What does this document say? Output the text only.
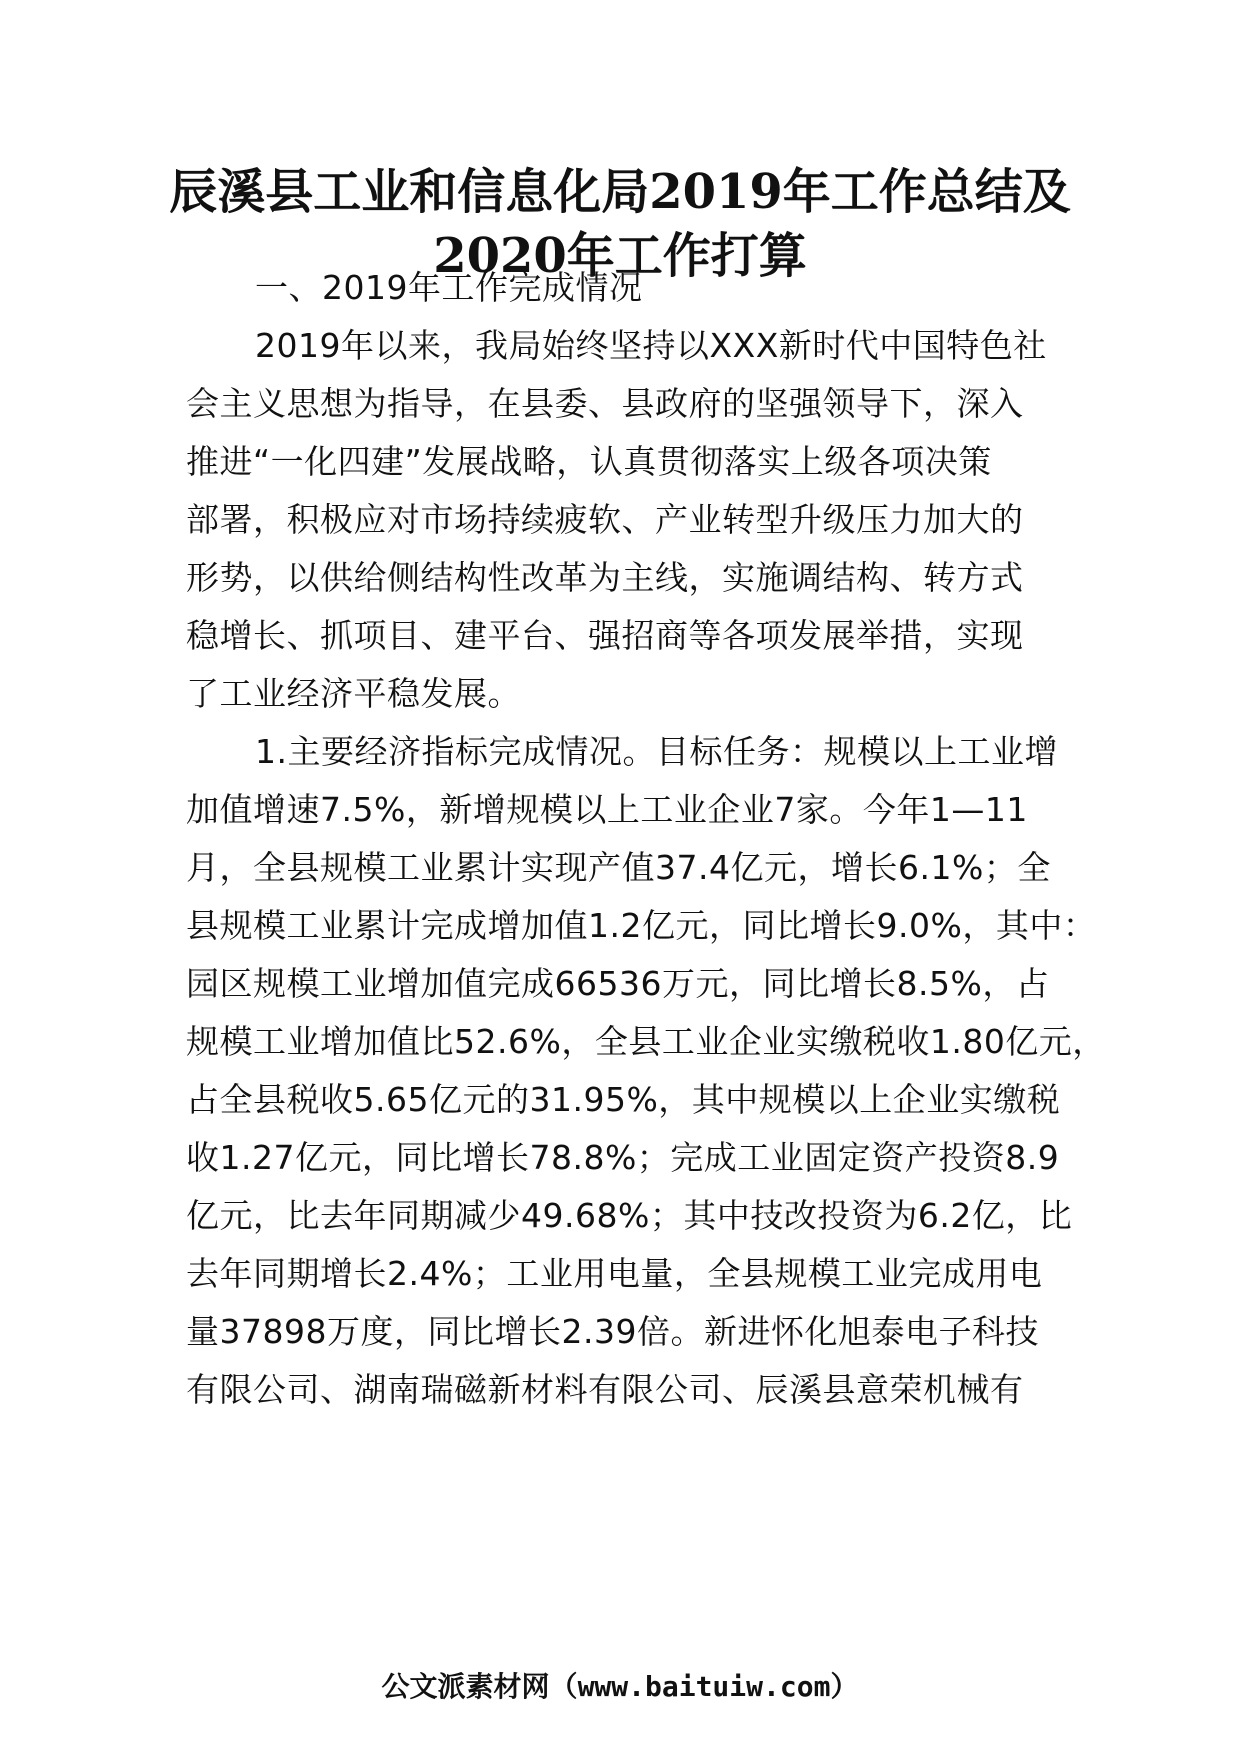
辰溪县工业和信息化局2019年工作总结及
2020年工作打算
一、2019年工作完成情况
2019年以来，我局始终坚持以XXX新时代中国特色社
会主义思想为指导，在县委、县政府的坚强领导下，深入
推进“一化四建”发展战略，认真贯彻落实上级各项决策
部署，积极应对市场持续疲软、产业转型升级压力加大的
形势，以供给侧结构性改革为主线，实施调结构、转方式
稳增长、抓项目、建平台、强招商等各项发展举措，实现
了工业经济平稳发展。
1.主要经济指标完成情况。目标任务：规模以上工业增
加值增速7.5%，新增规模以上工业企业7家。今年1—11
月，全县规模工业累计实现产值37.4亿元，增长6.1%；全
县规模工业累计完成增加值1.2亿元，同比增长9.0%，其中：
园区规模工业增加值完成66536万元，同比增长8.5%，占
规模工业增加值比52.6%，全县工业企业实缴税收1.80亿元，
占全县税收5.65亿元的31.95%，其中规模以上企业实缴税
收1.27亿元，同比增长78.8%；完成工业固定资产投资8.9
亿元，比去年同期减少49.68%；其中技改投资为6.2亿，比
去年同期增长2.4%；工业用电量，全县规模工业完成用电
量37898万度，同比增长2.39倍。新进怀化旭泰电子科技
有限公司、湖南瑞磁新材料有限公司、辰溪县意荣机械有
公文派素材网（www.baituiw.com）
